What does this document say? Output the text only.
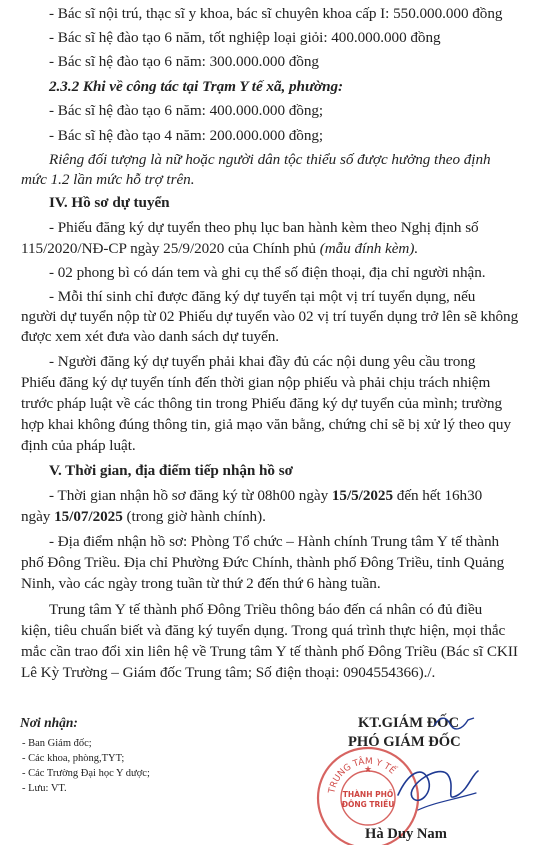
- Bác sĩ nội trú, thạc sĩ y khoa, bác sĩ chuyên khoa cấp I: 550.000.000 đồng
- Bác sĩ hệ đào tạo 6 năm, tốt nghiệp loại giỏi: 400.000.000 đồng
- Bác sĩ hệ đào tạo 6 năm: 300.000.000 đồng
2.3.2 Khi về công tác tại Trạm Y tế xã, phường:
- Bác sĩ hệ đào tạo 6 năm: 400.000.000 đồng;
- Bác sĩ hệ đào tạo 4 năm: 200.000.000 đồng;
Riêng đối tượng là nữ hoặc người dân tộc thiểu số được hưởng theo định
mức 1.2 lần mức hỗ trợ trên.
IV. Hồ sơ dự tuyển
- Phiếu đăng ký dự tuyển theo phụ lục ban hành kèm theo Nghị định số
115/2020/NĐ-CP ngày 25/9/2020 của Chính phủ (mẫu đính kèm).
- 02 phong bì có dán tem và ghi cụ thể số điện thoại, địa chỉ người nhận.
- Mỗi thí sinh chỉ được đăng ký dự tuyển tại một vị trí tuyển dụng, nếu
người dự tuyển nộp từ 02 Phiếu dự tuyển vào 02 vị trí tuyển dụng trở lên sẽ không
được xem xét đưa vào danh sách dự tuyển.
- Người đăng ký dự tuyển phải khai đầy đủ các nội dung yêu cầu trong
Phiếu đăng ký dự tuyển tính đến thời gian nộp phiếu và phải chịu trách nhiệm
trước pháp luật về các thông tin trong Phiếu đăng ký dự tuyển của mình; trường
hợp khai không đúng thông tin, giả mạo văn bằng, chứng chỉ sẽ bị xử lý theo quy
định của pháp luật.
V. Thời gian, địa điểm tiếp nhận hồ sơ
- Thời gian nhận hồ sơ đăng ký từ 08h00 ngày 15/5/2025 đến hết 16h30
ngày 15/07/2025 (trong giờ hành chính).
- Địa điểm nhận hồ sơ: Phòng Tổ chức – Hành chính Trung tâm Y tế thành
phố Đông Triều. Địa chỉ Phường Đức Chính, thành phố Đông Triều, tỉnh Quảng
Ninh, vào các ngày trong tuần từ thứ 2 đến thứ 6 hàng tuần.
Trung tâm Y tế thành phố Đông Triều thông báo đến cá nhân có đủ điều
kiện, tiêu chuẩn biết và đăng ký tuyển dụng. Trong quá trình thực hiện, mọi thắc
mắc cần trao đổi xin liên hệ về Trung tâm Y tế thành phố Đông Triều (Bác sĩ CKII
Lê Kỳ Trường – Giám đốc Trung tâm; Số điện thoại: 0904554366)./.
Nơi nhận:
- Ban Giám đốc;
- Các khoa, phòng,TYT;
- Các Trường Đại học Y dược;
- Lưu: VT.
KT.GIÁM ĐỐC
PHÓ GIÁM ĐỐC
TRUNG TÂM Y TẾ
THÀNH PHỐ
ĐÔNG TRIỀU
★
Hà Duy Nam
